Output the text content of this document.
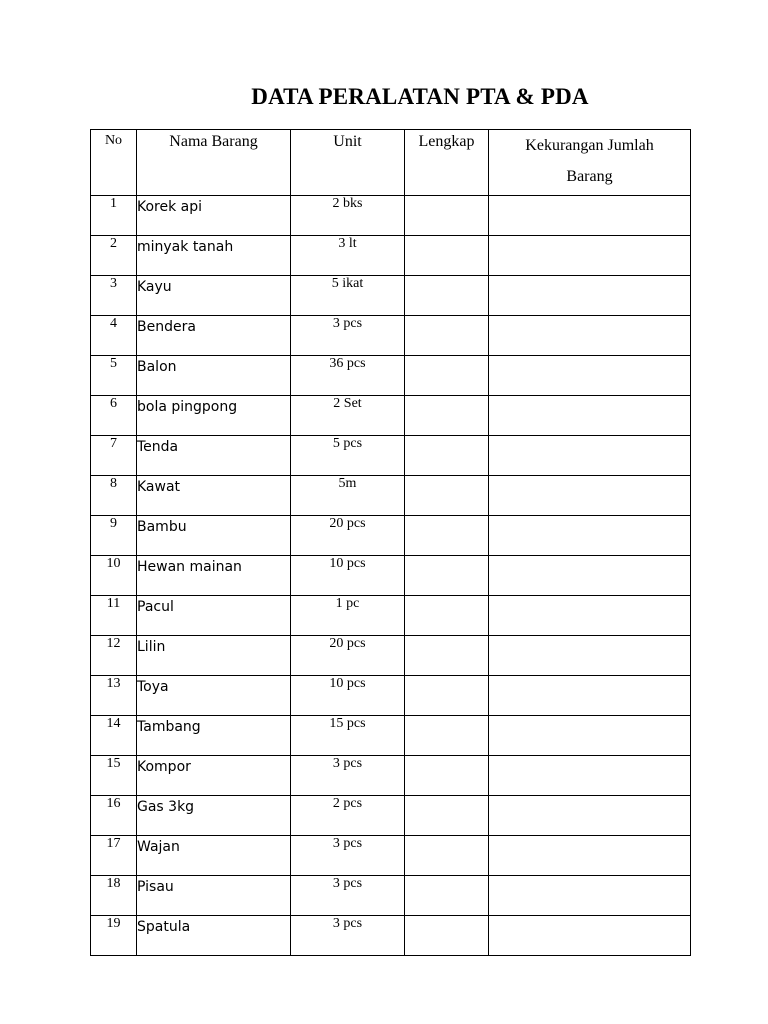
DATA PERALATAN PTA & PDA
No	Nama Barang	Unit	Lengkap	Kekurangan Jumlah
Barang

1	Korek api	2 bks		
2	minyak tanah	3 lt		
3	Kayu	5 ikat		
4	Bendera	3 pcs		
5	Balon	36 pcs		
6	bola pingpong	2 Set		
7	Tenda	5 pcs		
8	Kawat	5m		
9	Bambu	20 pcs		
10	Hewan mainan	10 pcs		
11	Pacul	1 pc		
12	Lilin	20 pcs		
13	Toya	10 pcs		
14	Tambang	15 pcs		
15	Kompor	3 pcs		
16	Gas 3kg	2 pcs		
17	Wajan	3 pcs		
18	Pisau	3 pcs		
19	Spatula	3 pcs		
